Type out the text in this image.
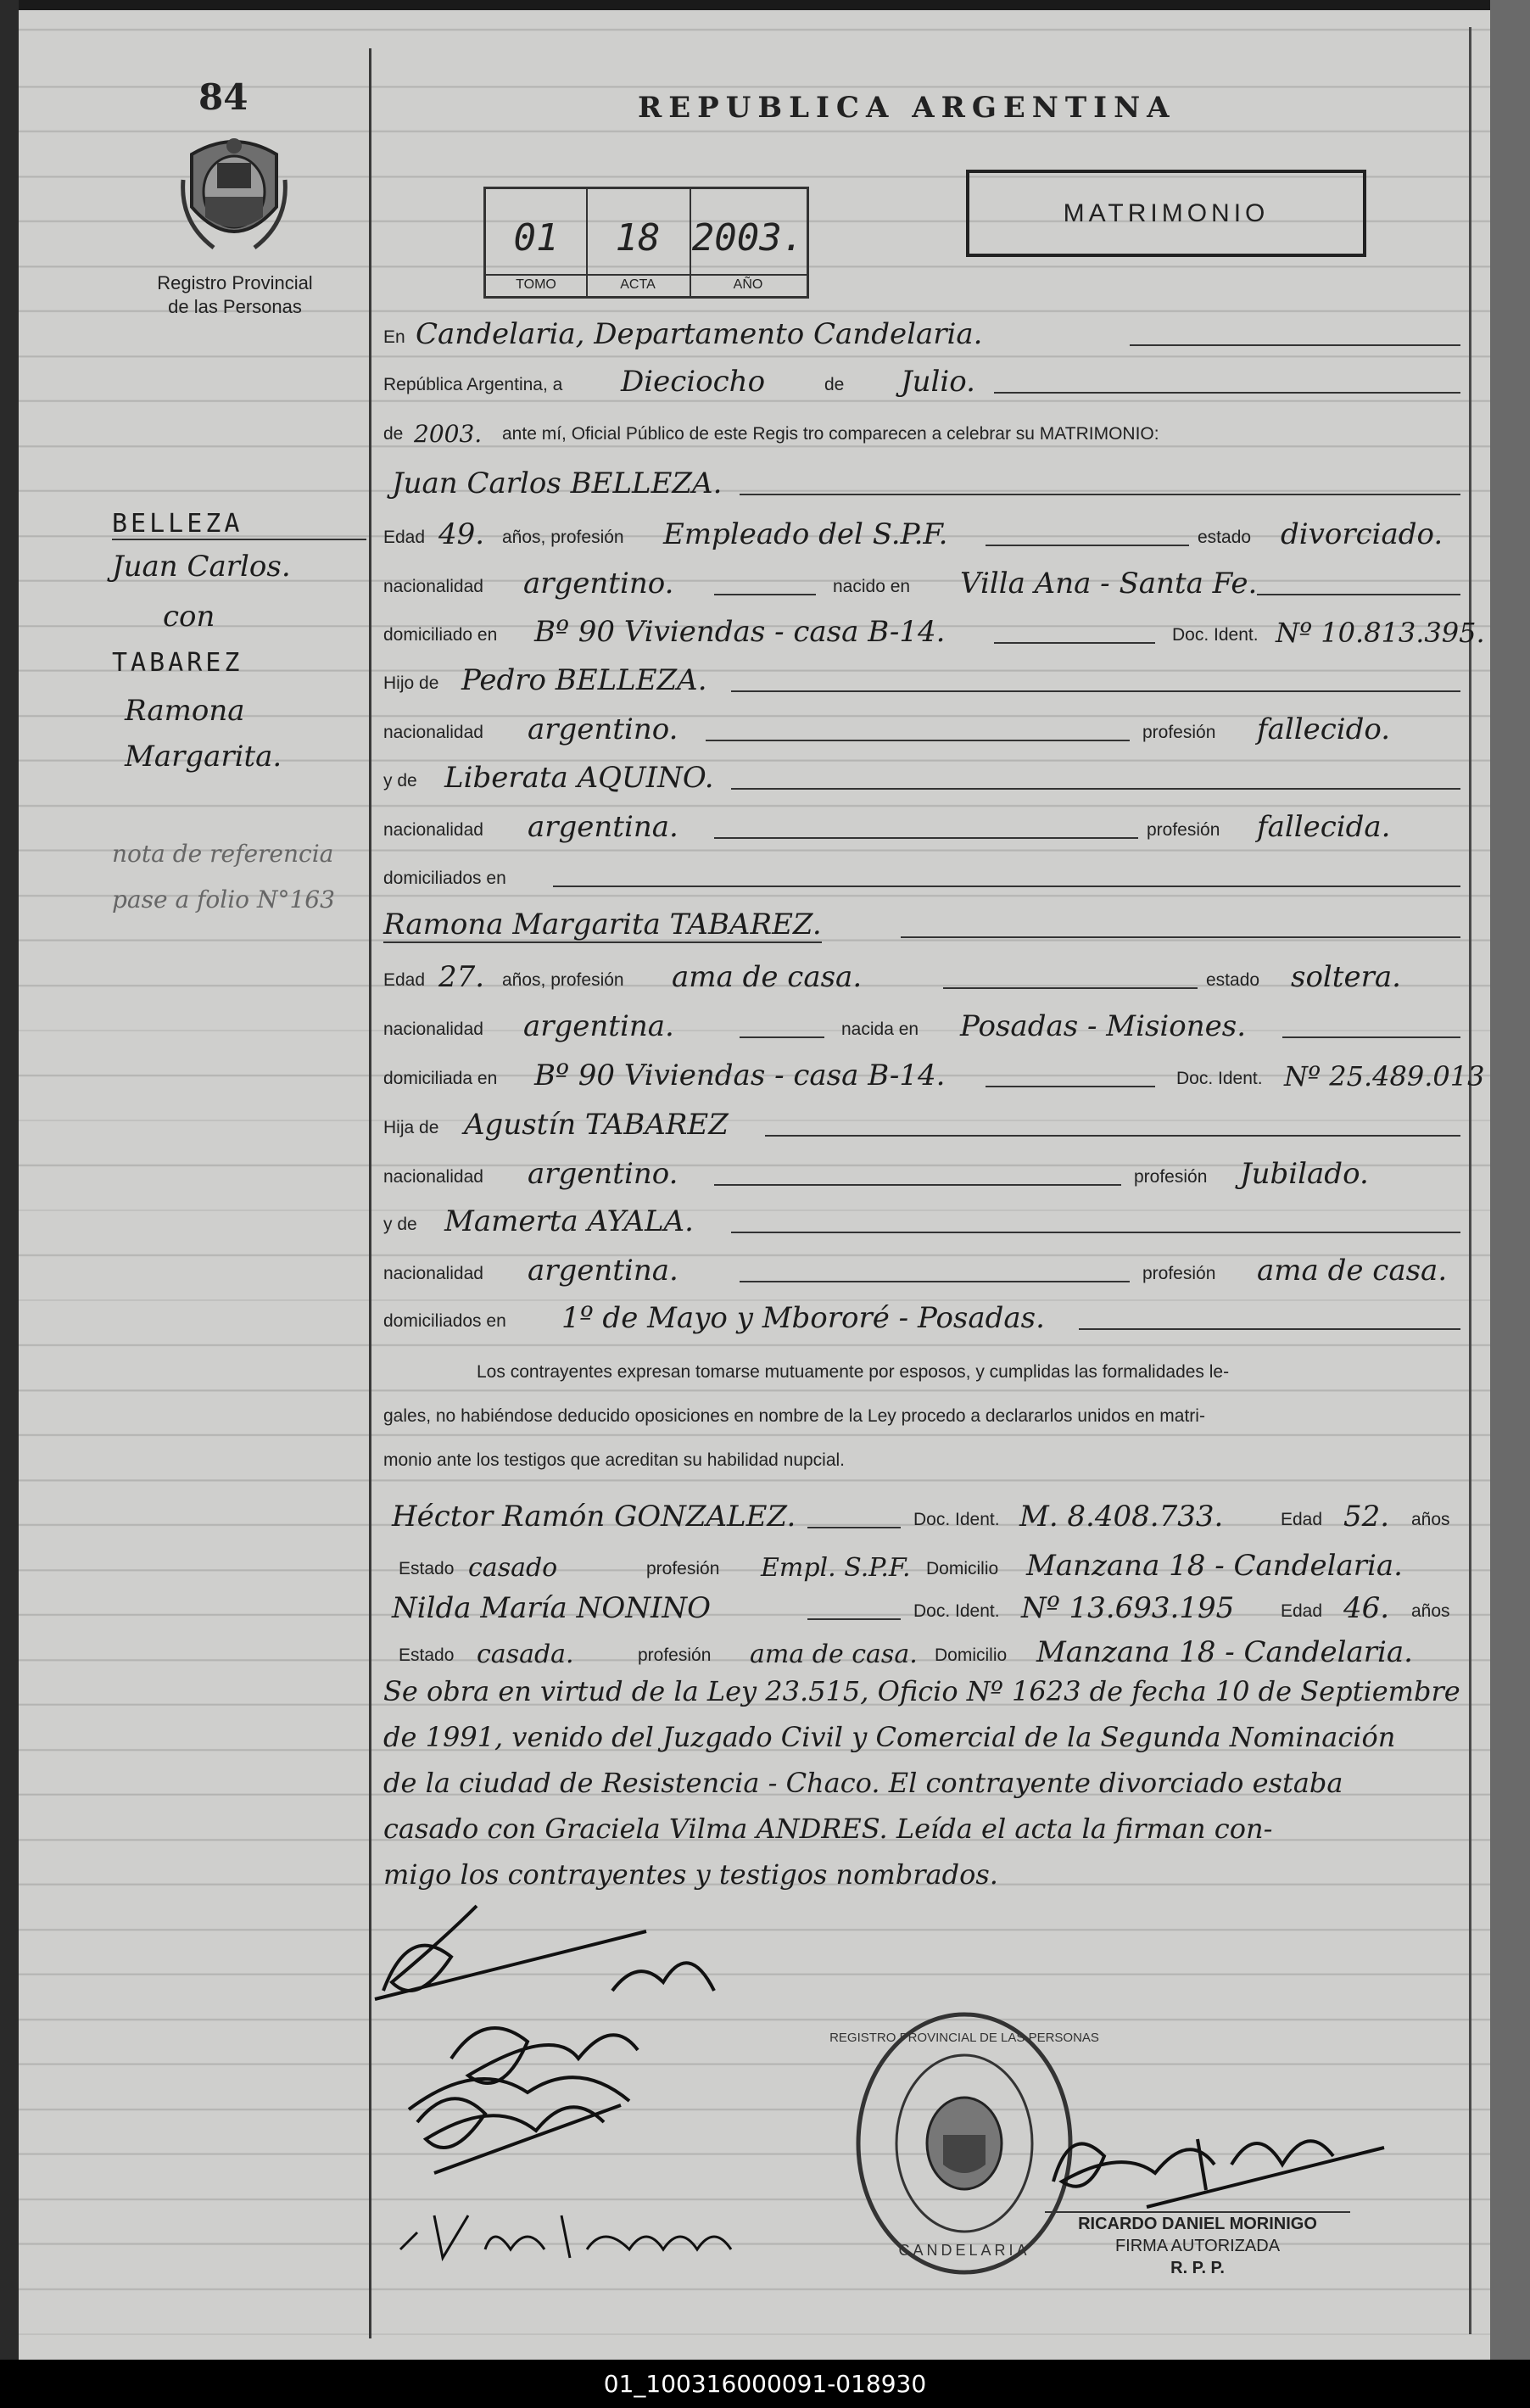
84
Registro Provincial
de las Personas
REPUBLICA ARGENTINA
01
TOMO
18
ACTA
2003.
AÑO
MATRIMONIO
BELLEZA
Juan Carlos.
con
TABAREZ
Ramona
Margarita.
nota de referencia
pase a folio N°163
En Candelaria, Departamento Candelaria.
República Argentina, a Dieciocho	de Julio.
de 2003. ante mí, Oficial Público de este Regis tro comparecen a celebrar su MATRIMONIO:
Juan Carlos BELLEZA.
Edad 49. años, profesión Empleado del S.P.F.	estado divorciado.
nacionalidad argentino.	nacido en Villa Ana - Santa Fe.
domiciliado en Bº 90 Viviendas - casa B-14.	Doc. Ident. Nº 10.813.395.
Hijo de Pedro BELLEZA.
nacionalidad argentino.	profesión fallecido.
y de Liberata AQUINO.
nacionalidad argentina.	profesión fallecida.
domiciliados en
Ramona Margarita TABAREZ.
Edad 27. años, profesión ama de casa.	estado soltera.
nacionalidad argentina.	nacida en Posadas - Misiones.
domiciliada en Bº 90 Viviendas - casa B-14.	Doc. Ident. Nº 25.489.013
Hija de Agustín TABAREZ
nacionalidad argentino.	profesión Jubilado.
y de Mamerta AYALA.
nacionalidad argentina.	profesión ama de casa.
domiciliados en 1º de Mayo y Mbororé - Posadas.
Los contrayentes expresan tomarse mutuamente por esposos, y cumplidas las formalidades le-
gales, no habiéndose deducido oposiciones en nombre de la Ley procedo a declararlos unidos en matri-
monio ante los testigos que acreditan su habilidad nupcial.
Héctor Ramón GONZALEZ.	Doc. Ident. M. 8.408.733.	Edad 52. años
Estado casado	profesión Empl. S.P.F. Domicilio Manzana 18 - Candelaria.
Nilda María NONINO	Doc. Ident. Nº 13.693.195	Edad 46. años
Estado casada.	profesión ama de casa. Domicilio Manzana 18 - Candelaria.
Se obra en virtud de la Ley 23.515, Oficio Nº 1623 de fecha 10 de Septiembre
de 1991, venido del Juzgado Civil y Comercial de la Segunda Nominación
de la ciudad de Resistencia - Chaco. El contrayente divorciado estaba
casado con Graciela Vilma ANDRES. Leída el acta la firman con-
migo los contrayentes y testigos nombrados.
REGISTRO PROVINCIAL DE LAS PERSONAS
CANDELARIA
RICARDO DANIEL MORINIGO
FIRMA AUTORIZADA
R. P. P.
01_100316000091-018930
